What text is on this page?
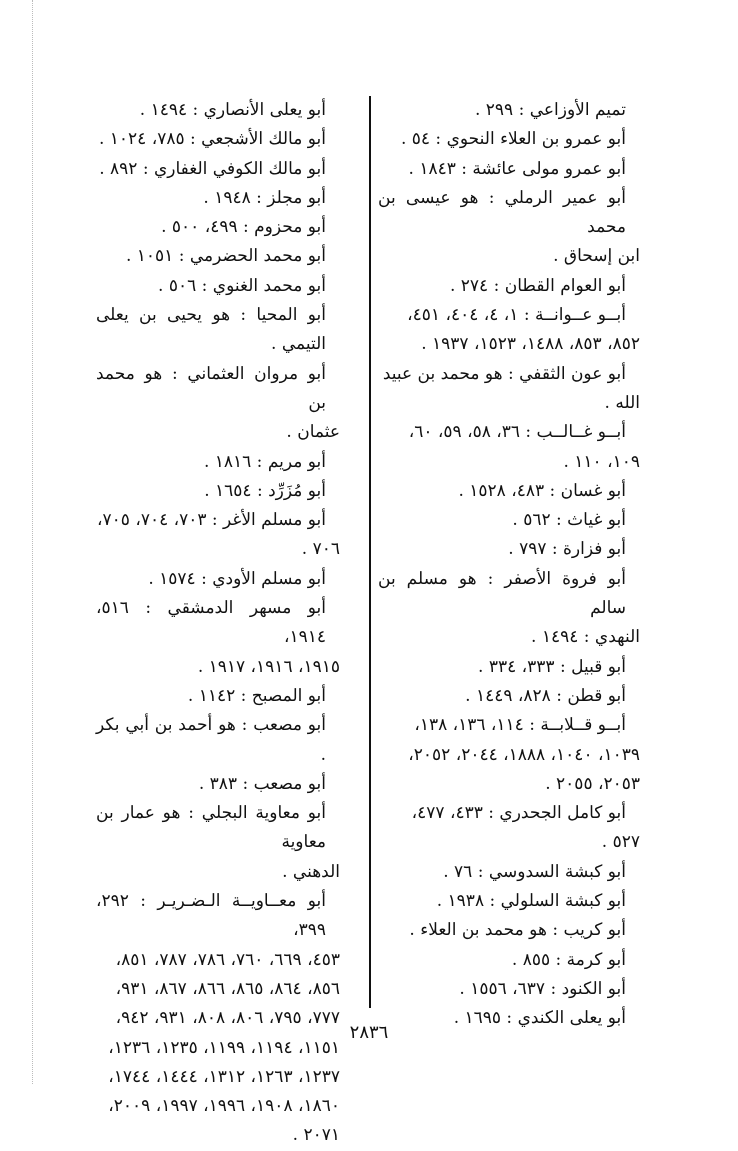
تميم الأوزاعي : ٢٩٩ .
أبو عمرو بن العلاء النحوي : ٥٤ .
أبو عمرو مولى عائشة : ١٨٤٣ .
أبو عمير الرملي : هو عيسى بن محمد
ابن إسحاق .
أبو العوام القطان : ٢٧٤ .
أبــو عــوانــة : ١، ٤، ٤٠٤، ٤٥١،
٨٥٢، ٨٥٣، ١٤٨٨، ١٥٢٣، ١٩٣٧ .
أبو عون الثقفي : هو محمد بن عبيد
الله .
أبــو غــالــب : ٣٦، ٥٨، ٥٩، ٦٠،
١٠٩، ١١٠ .
أبو غسان : ٤٨٣، ١٥٢٨ .
أبو غياث : ٥٦٢ .
أبو فزارة : ٧٩٧ .
أبو فروة الأصفر : هو مسلم بن سالم
النهدي : ١٤٩٤ .
أبو قبيل : ٣٣٣، ٣٣٤ .
أبو قطن : ٨٢٨، ١٤٤٩ .
أبــو قــلابــة : ١١٤، ١٣٦، ١٣٨،
١٠٣٩، ١٠٤٠، ١٨٨٨، ٢٠٤٤، ٢٠٥٢،
٢٠٥٣، ٢٠٥٥ .
أبو كامل الجحدري : ٤٣٣، ٤٧٧،
٥٢٧ .
أبو كبشة السدوسي : ٧٦ .
أبو كبشة السلولي : ١٩٣٨ .
أبو كريب : هو محمد بن العلاء .
أبو كرمة : ٨٥٥ .
أبو الكنود : ٦٣٧، ١٥٥٦ .
أبو يعلى الكندي : ١٦٩٥ .
أبو يعلى الأنصاري : ١٤٩٤ .
أبو مالك الأشجعي : ٧٨٥، ١٠٢٤ .
أبو مالك الكوفي الغفاري : ٨٩٢ .
أبو مجلز : ١٩٤٨ .
أبو محزوم : ٤٩٩، ٥٠٠ .
أبو محمد الحضرمي : ١٠٥١ .
أبو محمد الغنوي : ٥٠٦ .
أبو المحيا : هو يحيى بن يعلى التيمي .
أبو مروان العثماني : هو محمد بن
عثمان .
أبو مريم : ١٨١٦ .
أبو مُزَرِّد : ١٦٥٤ .
أبو مسلم الأغر : ٧٠٣، ٧٠٤، ٧٠٥،
٧٠٦ .
أبو مسلم الأودي : ١٥٧٤ .
أبو مسهر الدمشقي : ٥١٦، ١٩١٤،
١٩١٥، ١٩١٦، ١٩١٧ .
أبو المصبح : ١١٤٢ .
أبو مصعب : هو أحمد بن أبي بكر .
أبو مصعب : ٣٨٣ .
أبو معاوية البجلي : هو عمار بن معاوية
الدهني .
أبو معــاويــة الـضـريـر : ٢٩٢، ٣٩٩،
٤٥٣، ٦٦٩، ٧٦٠، ٧٨٦، ٧٨٧، ٨٥١،
٨٥٦، ٨٦٤، ٨٦٥، ٨٦٦، ٨٦٧، ٩٣١،
٧٧٧، ٧٩٥، ٨٠٦، ٨٠٨، ٩٣١، ٩٤٢،
١١٥١، ١١٩٤، ١١٩٩، ١٢٣٥، ١٢٣٦،
١٢٣٧، ١٢٦٣، ١٣١٢، ١٤٤٤، ١٧٤٤،
١٨٦٠، ١٩٠٨، ١٩٩٦، ١٩٩٧، ٢٠٠٩،
٢٠٧١ .
٢٨٣٦
